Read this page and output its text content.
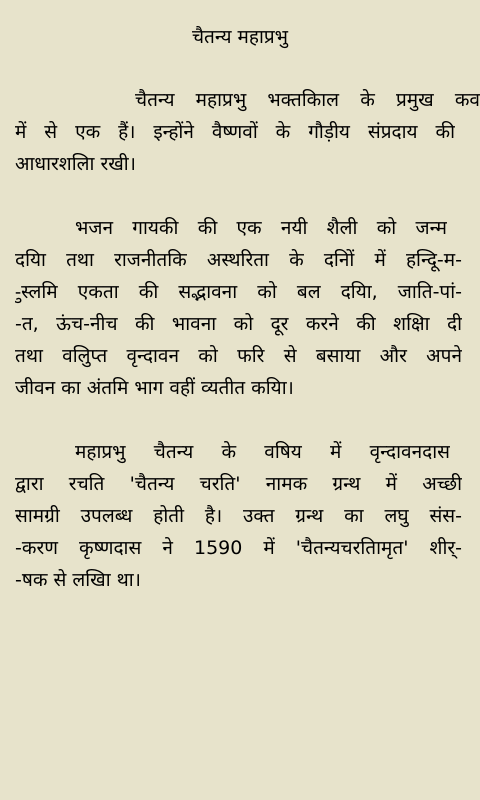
चैतन्य महाप्रभु
चैतन्य महाप्रभु भक्तकिाल के प्रमुख कव
में से एक हैं। इन्होंने वैष्णवों के गौड़ीय संप्रदाय की
आधारशलिा रखी।
भजन गायकी की एक नयी शैली को जन्म
दयिा तथा राजनीतकि अस्थरिता के दनिों में हन्दिू-म-
-ुस्लमि एकता की सद्भावना को बल दयिा, जाति-पां-
-त, ऊंच-नीच की भावना को दूर करने की शक्षिा दी
तथा वलिुप्त वृन्दावन को फरि से बसाया और अपने
जीवन का अंतमि भाग वहीं व्यतीत कयिा।
महाप्रभु चैतन्य के वषिय में वृन्दावनदास
द्वारा रचति 'चैतन्य चरति' नामक ग्रन्थ में अच्छी
सामग्री उपलब्ध होती है। उक्त ग्रन्थ का लघु संस-
-करण कृष्णदास ने 1590 में 'चैतन्यचरतिामृत' शीर्-
-षक से लखिा था।
